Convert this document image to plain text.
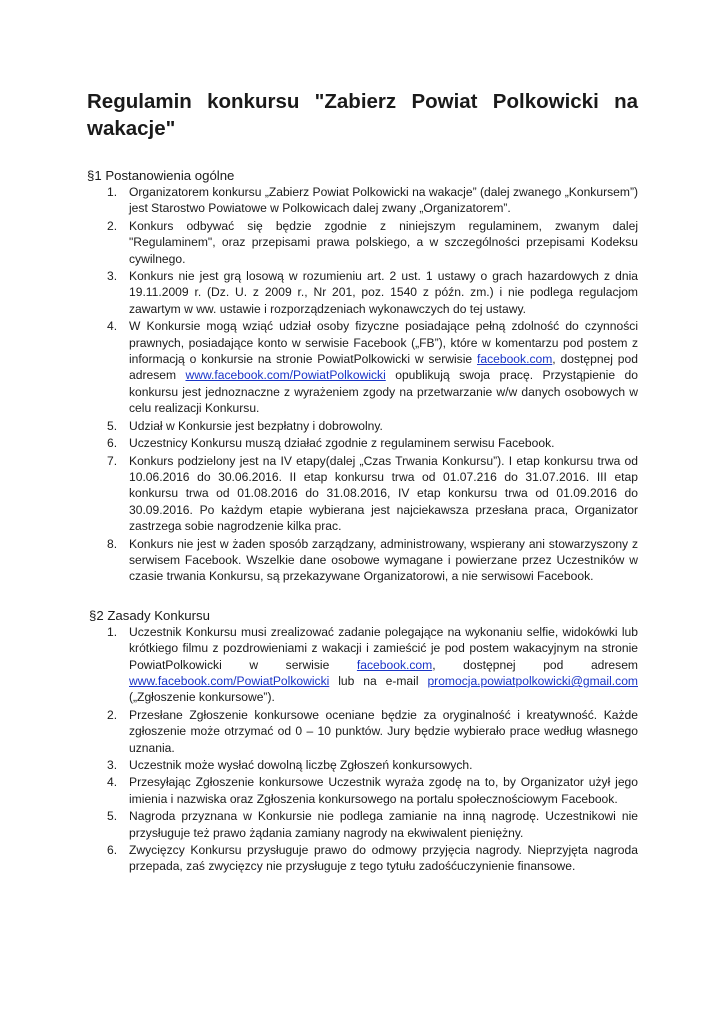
Regulamin konkursu "Zabierz Powiat Polkowicki na wakacje"
§1 Postanowienia ogólne
1. Organizatorem konkursu „Zabierz Powiat Polkowicki na wakacje” (dalej zwanego „Konkursem”) jest Starostwo Powiatowe w Polkowicach dalej zwany „Organizatorem”.
2. Konkurs odbywać się będzie zgodnie z niniejszym regulaminem, zwanym dalej "Regulaminem", oraz przepisami prawa polskiego, a w szczególności przepisami Kodeksu cywilnego.
3. Konkurs nie jest grą losową w rozumieniu art. 2 ust. 1 ustawy o grach hazardowych z dnia 19.11.2009 r. (Dz. U. z 2009 r., Nr 201, poz. 1540 z późn. zm.) i nie podlega regulacjom zawartym w ww. ustawie i rozporządzeniach wykonawczych do tej ustawy.
4. W Konkursie mogą wziąć udział osoby fizyczne posiadające pełną zdolność do czynności prawnych, posiadające konto w serwisie Facebook („FB”), które w komentarzu pod postem z informacją o konkursie na stronie PowiatPolkowicki w serwisie facebook.com, dostępnej pod adresem www.facebook.com/PowiatPolkowicki opublikują swoja pracę. Przystąpienie do konkursu jest jednoznaczne z wyrażeniem zgody na przetwarzanie w/w danych osobowych w celu realizacji Konkursu.
5. Udział w Konkursie jest bezpłatny i dobrowolny.
6. Uczestnicy Konkursu muszą działać zgodnie z regulaminem serwisu Facebook.
7. Konkurs podzielony jest na IV etapy(dalej „Czas Trwania Konkursu”). I etap konkursu trwa od 10.06.2016 do 30.06.2016. II etap konkursu trwa od 01.07.216 do 31.07.2016. III etap konkursu trwa od 01.08.2016 do 31.08.2016, IV etap konkursu trwa od 01.09.2016 do 30.09.2016. Po każdym etapie wybierana jest najciekawsza przesłana praca, Organizator zastrzega sobie nagrodzenie kilka prac.
8. Konkurs nie jest w żaden sposób zarządzany, administrowany, wspierany ani stowarzyszony z serwisem Facebook. Wszelkie dane osobowe wymagane i powierzane przez Uczestników w czasie trwania Konkursu, są przekazywane Organizatorowi, a nie serwisowi Facebook.
§2 Zasady Konkursu
1. Uczestnik Konkursu musi zrealizować zadanie polegające na wykonaniu selfie, widokówki lub krótkiego filmu z pozdrowieniami z wakacji i zamieścić je pod postem wakacyjnym na stronie PowiatPolkowicki w serwisie facebook.com, dostępnej pod adresem www.facebook.com/PowiatPolkowicki lub na e-mail promocja.powiatpolkowicki@gmail.com („Zgłoszenie konkursowe”).
2. Przesłane Zgłoszenie konkursowe oceniane będzie za oryginalność i kreatywność. Każde zgłoszenie może otrzymać od 0 – 10 punktów. Jury będzie wybierało prace według własnego uznania.
3. Uczestnik może wysłać dowolną liczbę Zgłoszeń konkursowych.
4. Przesyłając Zgłoszenie konkursowe Uczestnik wyraża zgodę na to, by Organizator użył jego imienia i nazwiska oraz Zgłoszenia konkursowego na portalu społecznościowym Facebook.
5. Nagroda przyznana w Konkursie nie podlega zamianie na inną nagrodę. Uczestnikowi nie przysługuje też prawo żądania zamiany nagrody na ekwiwalent pieniężny.
6. Zwycięzcy Konkursu przysługuje prawo do odmowy przyjęcia nagrody. Nieprzyjęta nagroda przepada, zaś zwycięzcy nie przysługuje z tego tytułu zadośćuczynienie finansowe.
